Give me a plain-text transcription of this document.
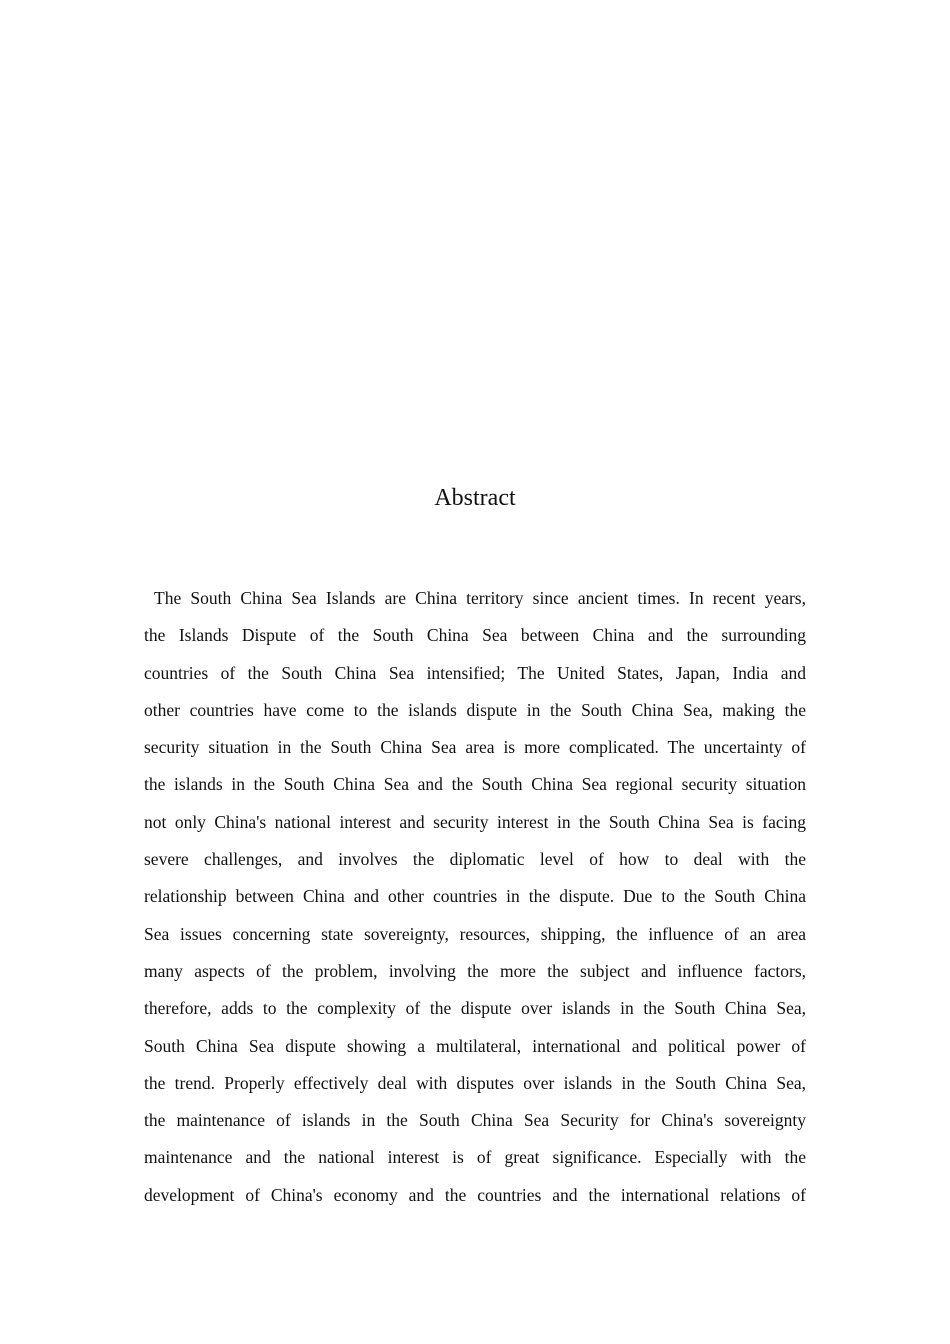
Abstract
The South China Sea Islands are China territory since ancient times. In recent years,
the Islands Dispute of the South China Sea between China and the surrounding
countries of the South China Sea intensified; The United States, Japan, India and
other countries have come to the islands dispute in the South China Sea, making the
security situation in the South China Sea area is more complicated. The uncertainty of
the islands in the South China Sea and the South China Sea regional security situation
not only China's national interest and security interest in the South China Sea is facing
severe challenges, and involves the diplomatic level of how to deal with the
relationship between China and other countries in the dispute. Due to the South China
Sea issues concerning state sovereignty, resources, shipping, the influence of an area
many aspects of the problem, involving the more the subject and influence factors,
therefore, adds to the complexity of the dispute over islands in the South China Sea,
South China Sea dispute showing a multilateral, international and political power of
the trend. Properly effectively deal with disputes over islands in the South China Sea,
the maintenance of islands in the South China Sea Security for China's sovereignty
maintenance and the national interest is of great significance. Especially with the
development of China's economy and the countries and the international relations of
